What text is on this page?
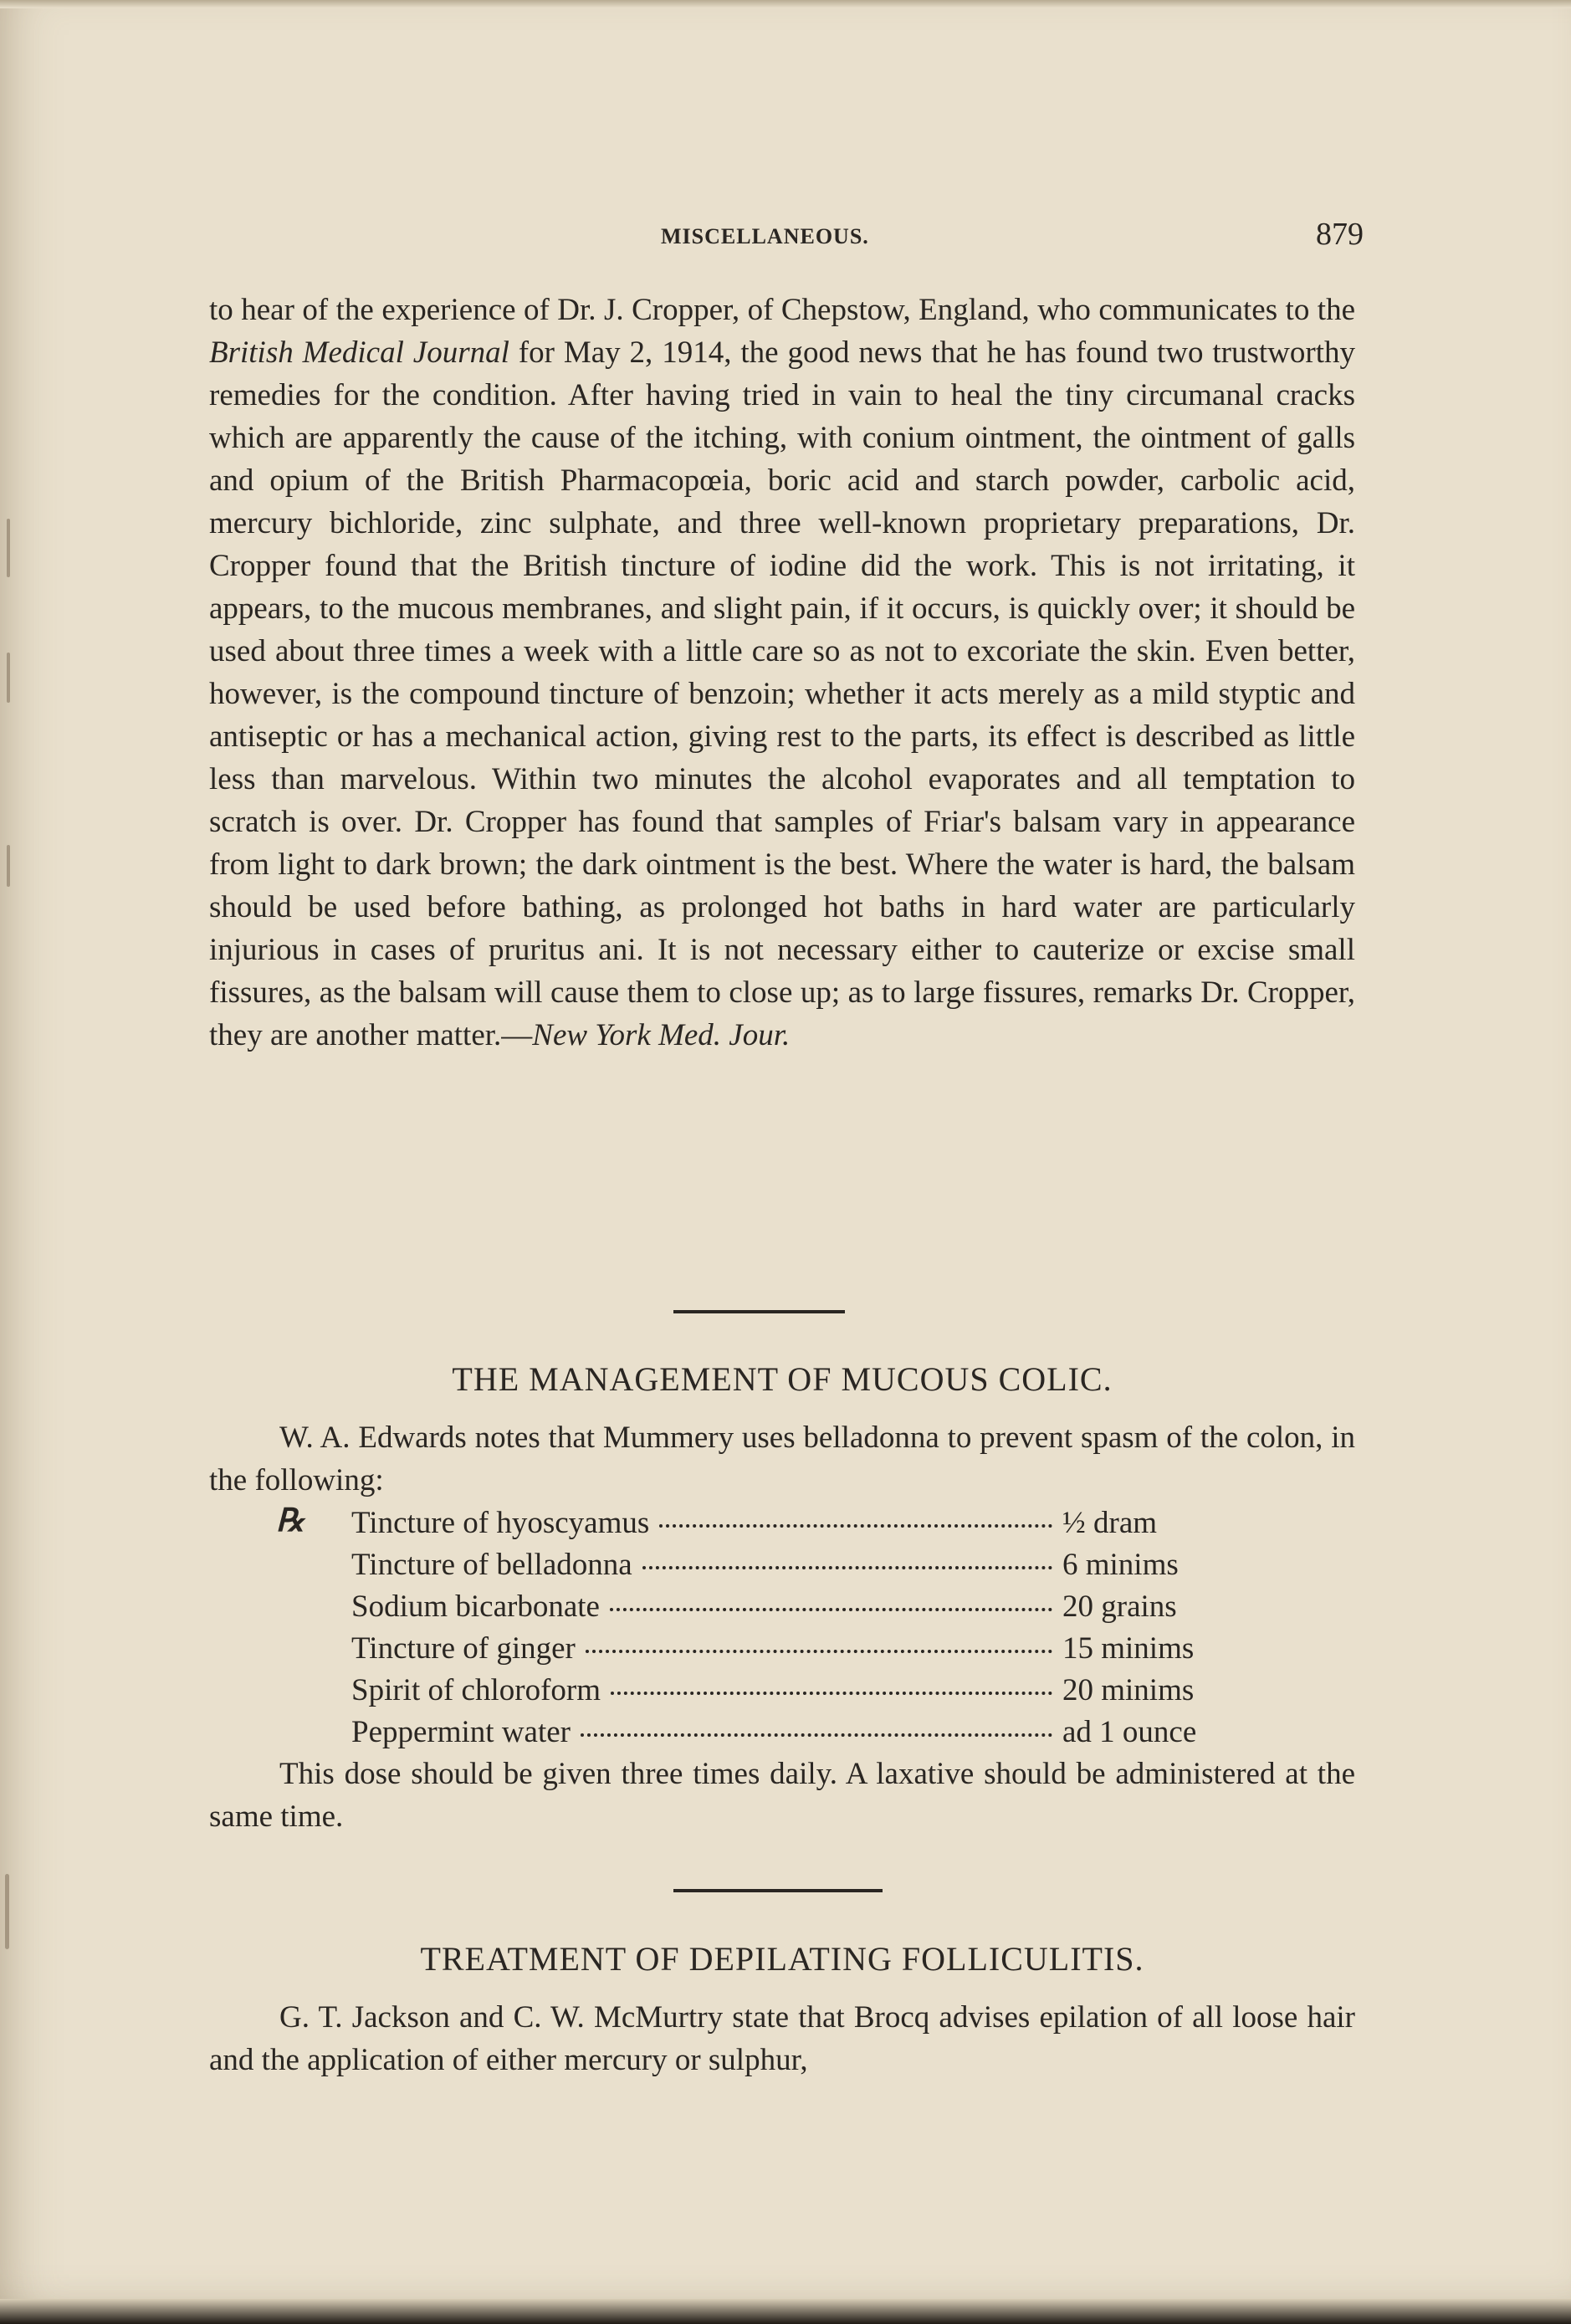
MISCELLANEOUS.	879

to hear of the experience of Dr. J. Cropper, of Chepstow, England, who communicates to the British Medical Journal for May 2, 1914, the good news that he has found two trustworthy remedies for the condition. After having tried in vain to heal the tiny circumanal cracks which are apparently the cause of the itching, with conium ointment, the ointment of galls and opium of the British Pharmacopœia, boric acid and starch powder, carbolic acid, mercury bichloride, zinc sulphate, and three well-known proprietary preparations, Dr. Cropper found that the British tincture of iodine did the work. This is not irritating, it appears, to the mucous membranes, and slight pain, if it occurs, is quickly over; it should be used about three times a week with a little care so as not to excoriate the skin. Even better, however, is the compound tincture of benzoin; whether it acts merely as a mild styptic and antiseptic or has a mechanical action, giving rest to the parts, its effect is described as little less than marvelous. Within two minutes the alcohol evaporates and all temptation to scratch is over. Dr. Cropper has found that samples of Friar's balsam vary in appearance from light to dark brown; the dark ointment is the best. Where the water is hard, the balsam should be used before bathing, as prolonged hot baths in hard water are particularly injurious in cases of pruritus ani. It is not necessary either to cauterize or excise small fissures, as the balsam will cause them to close up; as to large fissures, remarks Dr. Cropper, they are another matter.—New York Med. Jour.

THE MANAGEMENT OF MUCOUS COLIC.

W. A. Edwards notes that Mummery uses belladonna to prevent spasm of the colon, in the following:

℞ Tincture of hyoscyamus	½ dram
Tincture of belladonna	6 minims
Sodium bicarbonate	20 grains
Tincture of ginger	15 minims
Spirit of chloroform	20 minims
Peppermint water	ad 1 ounce

This dose should be given three times daily. A laxative should be administered at the same time.

TREATMENT OF DEPILATING FOLLICULITIS.

G. T. Jackson and C. W. McMurtry state that Brocq advises epilation of all loose hair and the application of either mercury or sulphur,
